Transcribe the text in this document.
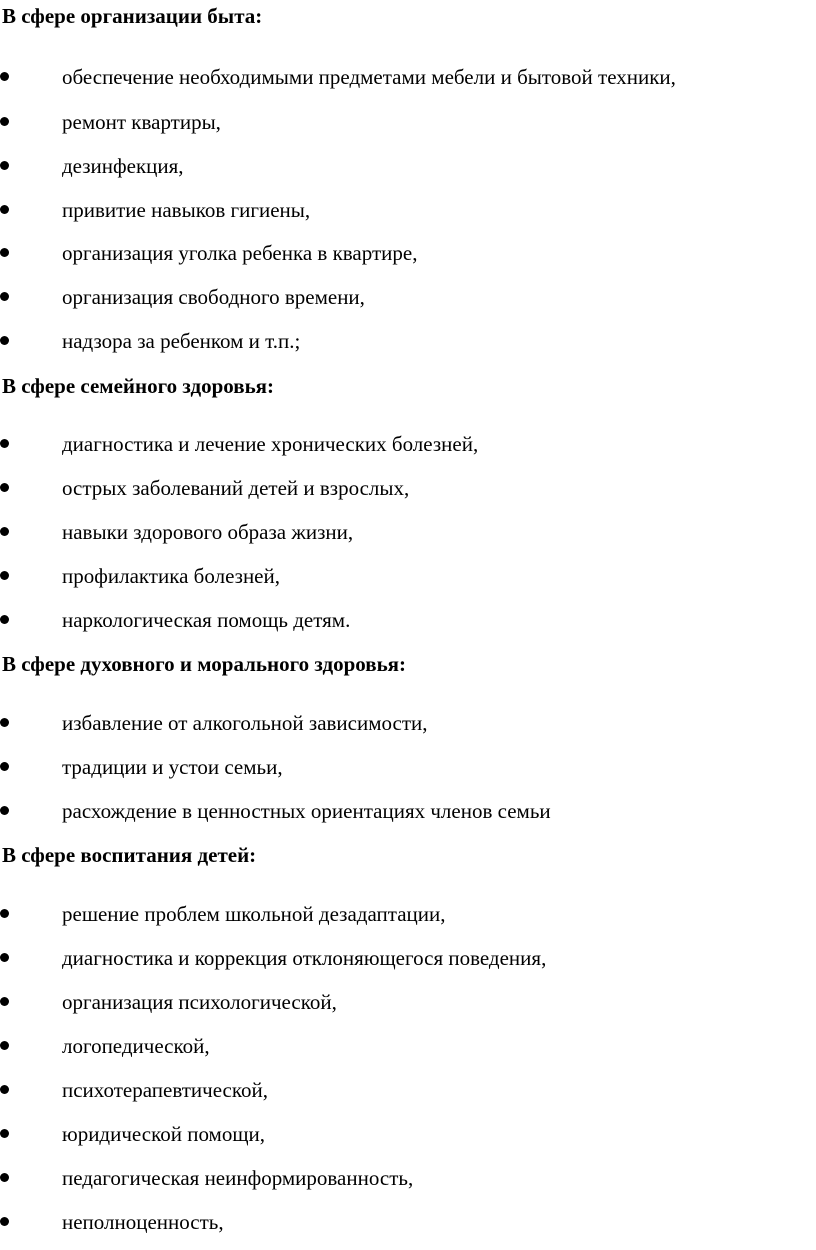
В сфере организации быта:
обеспечение необходимыми предметами мебели и бытовой техники,
ремонт квартиры,
дезинфекция,
привитие навыков гигиены,
организация уголка ребенка в квартире,
организация свободного времени,
надзора за ребенком и т.п.;
В сфере семейного здоровья:
диагностика и лечение хронических болезней,
острых заболеваний детей и взрослых,
навыки здорового образа жизни,
профилактика болезней,
наркологическая помощь детям.
В сфере духовного и морального здоровья:
избавление от алкогольной зависимости,
традиции и устои семьи,
расхождение в ценностных ориентациях членов семьи
В сфере воспитания детей:
решение проблем школьной дезадаптации,
диагностика и коррекция отклоняющегося поведения,
организация психологической,
логопедической,
психотерапевтической,
юридической помощи,
педагогическая неинформированность,
неполноценность,
